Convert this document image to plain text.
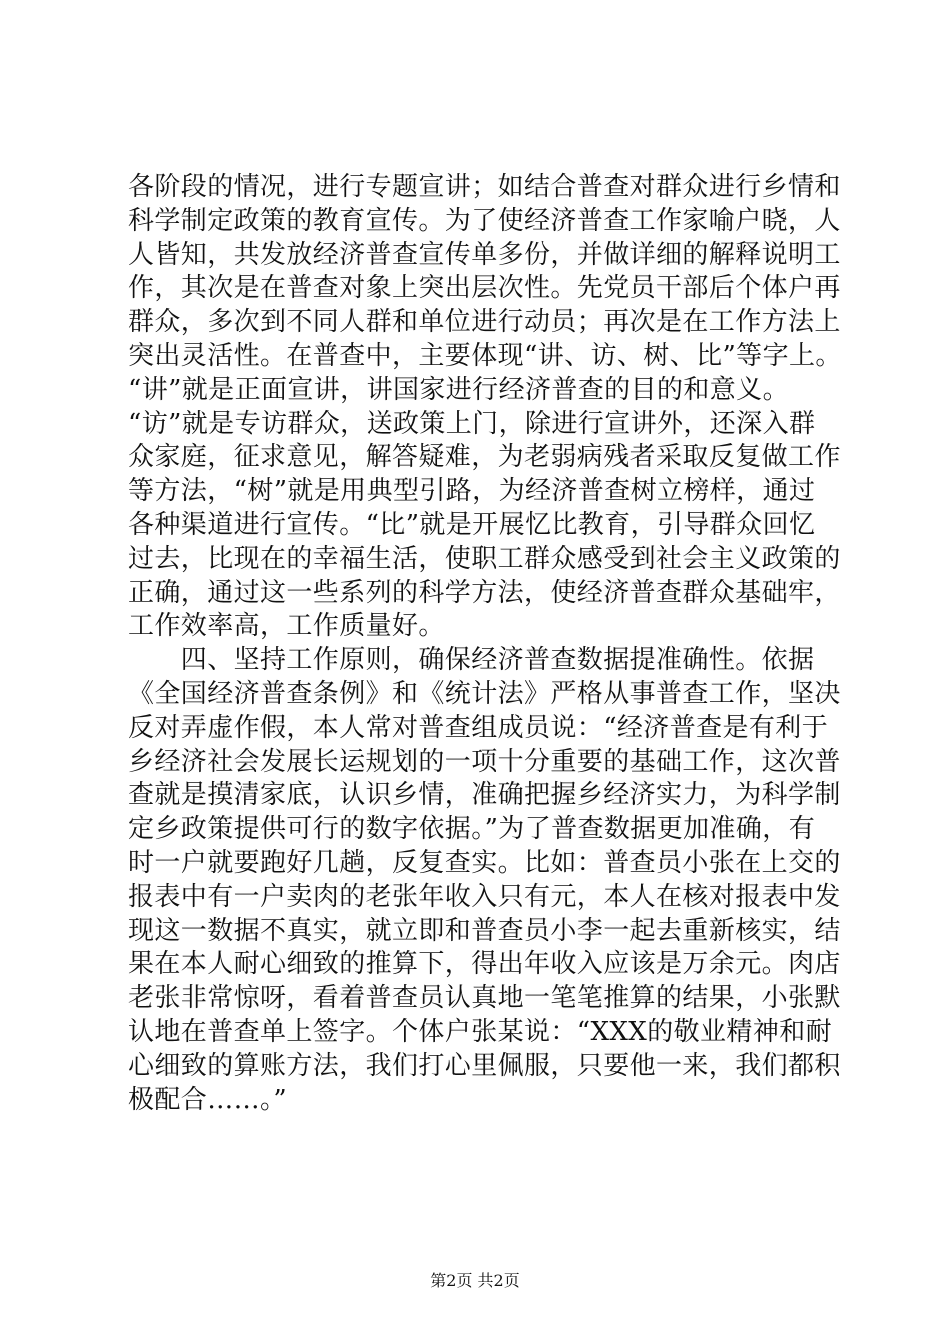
各阶段的情况，进行专题宣讲；如结合普查对群众进行乡情和
科学制定政策的教育宣传。为了使经济普查工作家喻户晓，人
人皆知，共发放经济普查宣传单多份，并做详细的解释说明工
作，其次是在普查对象上突出层次性。先党员干部后个体户再
群众，多次到不同人群和单位进行动员；再次是在工作方法上
突出灵活性。在普查中，主要体现“讲、访、树、比”等字上。
“讲”就是正面宣讲，讲国家进行经济普查的目的和意义。
“访”就是专访群众，送政策上门，除进行宣讲外，还深入群
众家庭，征求意见，解答疑难，为老弱病残者采取反复做工作
等方法，“树”就是用典型引路，为经济普查树立榜样，通过
各种渠道进行宣传。“比”就是开展忆比教育，引导群众回忆
过去，比现在的幸福生活，使职工群众感受到社会主义政策的
正确，通过这一些系列的科学方法，使经济普查群众基础牢，
工作效率高，工作质量好。
　　四、坚持工作原则，确保经济普查数据提准确性。依据
《全国经济普查条例》和《统计法》严格从事普查工作，坚决
反对弄虚作假，本人常对普查组成员说：“经济普查是有利于
乡经济社会发展长运规划的一项十分重要的基础工作，这次普
查就是摸清家底，认识乡情，准确把握乡经济实力，为科学制
定乡政策提供可行的数字依据。”为了普查数据更加准确，有
时一户就要跑好几趟，反复查实。比如：普查员小张在上交的
报表中有一户卖肉的老张年收入只有元，本人在核对报表中发
现这一数据不真实，就立即和普查员小李一起去重新核实，结
果在本人耐心细致的推算下，得出年收入应该是万余元。肉店
老张非常惊呀，看着普查员认真地一笔笔推算的结果，小张默
认地在普查单上签字。个体户张某说：“XXX的敬业精神和耐
心细致的算账方法，我们打心里佩服，只要他一来，我们都积
极配合……。”
第2页 共2页
